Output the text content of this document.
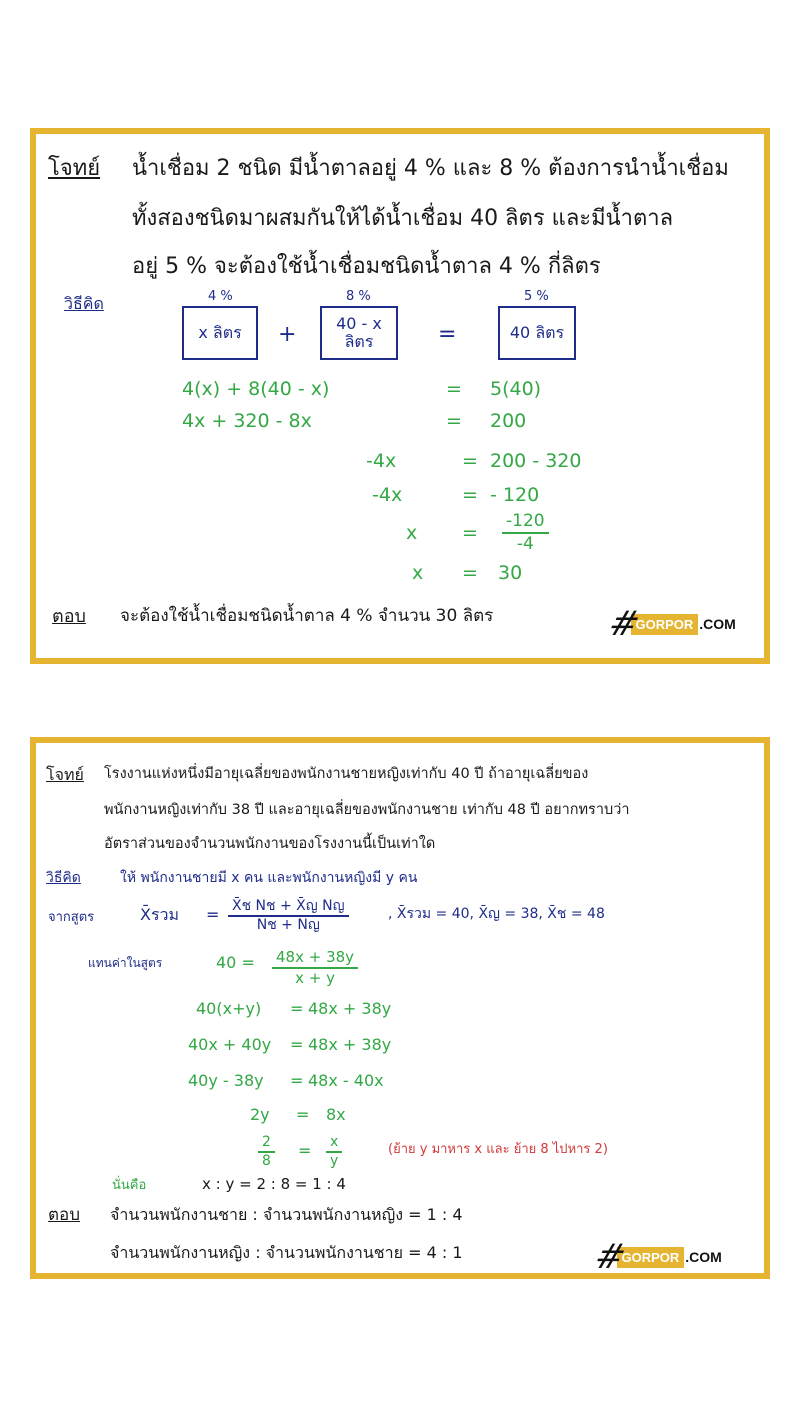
โจทย์ น้ำเชื่อม 2 ชนิด มีน้ำตาลอยู่ 4 % และ 8 % ต้องการนำน้ำเชื่อม
ทั้งสองชนิดมาผสมกันให้ได้น้ำเชื่อม 40 ลิตร และมีน้ำตาล
อยู่ 5 % จะต้องใช้น้ำเชื่อมชนิดน้ำตาล 4 % กี่ลิตร
วิธีคิด	4 %
x ลิตร +
8 %
40 - x ลิตร	=
5 %
40 ลิตร
4(x) + 8(40 - x)	= 5(40)
4x + 320 - 8x	= 200
-4x	= 200 - 320
-4x	= - 120
$x = \frac{-120}{-4}$
x = 30
ตอบ จะต้องใช้น้ำเชื่อมชนิดน้ำตาล 4 % จำนวน 30 ลิตร	#
GORPOR .COM
โจทย์ โรงงานแห่งหนึ่งมีอายุเฉลี่ยของพนักงานชายหญิงเท่ากับ 40 ปี ถ้าอายุเฉลี่ยของ
พนักงานหญิงเท่ากับ 38 ปี และอายุเฉลี่ยของพนักงานชาย เท่ากับ 48 ปี อยากทราบว่า
อัตราส่วนของจำนวนพนักงานของโรงงานนี้เป็นเท่าใด
วิธีคิด	ให้ พนักงานชายมี x คน และพนักงานหญิงมี y คน
จากสูตร	X̄รวม = X̄ช Nช + X̄ญ Nญ
Nช + Nญ
, X̄รวม = 40, X̄ญ = 38, X̄ช = 48
แทนค่าในสูตร	$40 = \frac{48x + 38y}{x + y}$
40(x+y) = 48x + 38y
40x + 40y = 48x + 38y
40y - 38y = 48x - 40x
2y = 8x
$\frac{2}{8} = \frac{x}{y}$	(ย้าย y มาหาร x และ ย้าย 8 ไปหาร 2)
นั่นคือ	x : y = 2 : 8 = 1 : 4
ตอบ จำนวนพนักงานชาย : จำนวนพนักงานหญิง = 1 : 4
จำนวนพนักงานหญิง : จำนวนพนักงานชาย = 4 : 1	#
GORPOR .COM
